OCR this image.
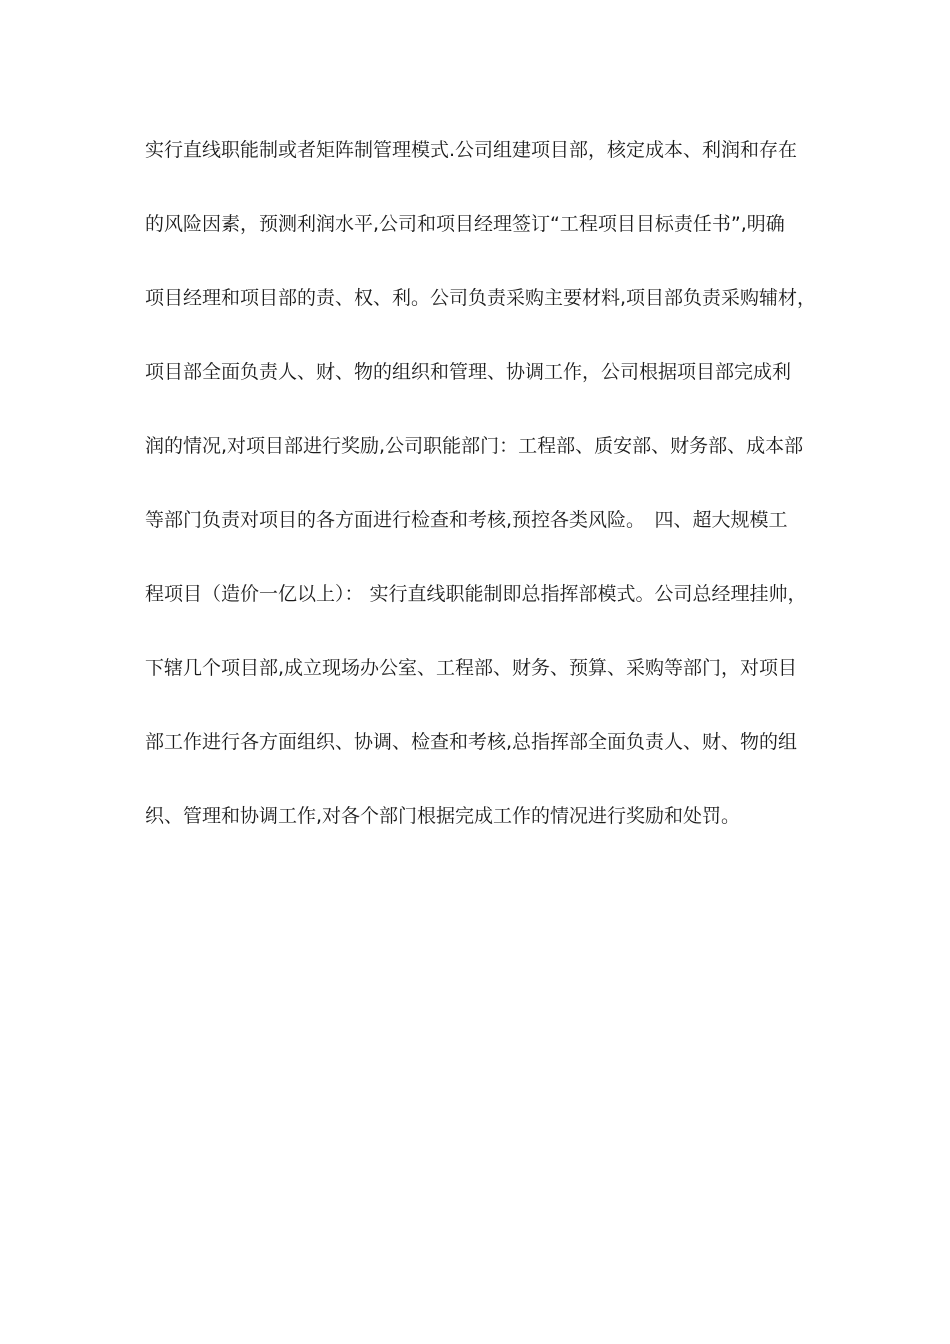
实行直线职能制或者矩阵制管理模式.公司组建项目部，核定成本、利润和存在
的风险因素，预测利润水平,公司和项目经理签订“工程项目目标责任书”,明确
项目经理和项目部的责、权、利。公司负责采购主要材料,项目部负责采购辅材，
项目部全面负责人、财、物的组织和管理、协调工作，公司根据项目部完成利
润的情况,对项目部进行奖励,公司职能部门：工程部、质安部、财务部、成本部
等部门负责对项目的各方面进行检查和考核,预控各类风险。　四、超大规模工
程项目（造价一亿以上）： 实行直线职能制即总指挥部模式。公司总经理挂帅，
下辖几个项目部,成立现场办公室、工程部、财务、预算、采购等部门，对项目
部工作进行各方面组织、协调、检查和考核,总指挥部全面负责人、财、物的组
织、管理和协调工作,对各个部门根据完成工作的情况进行奖励和处罚。
